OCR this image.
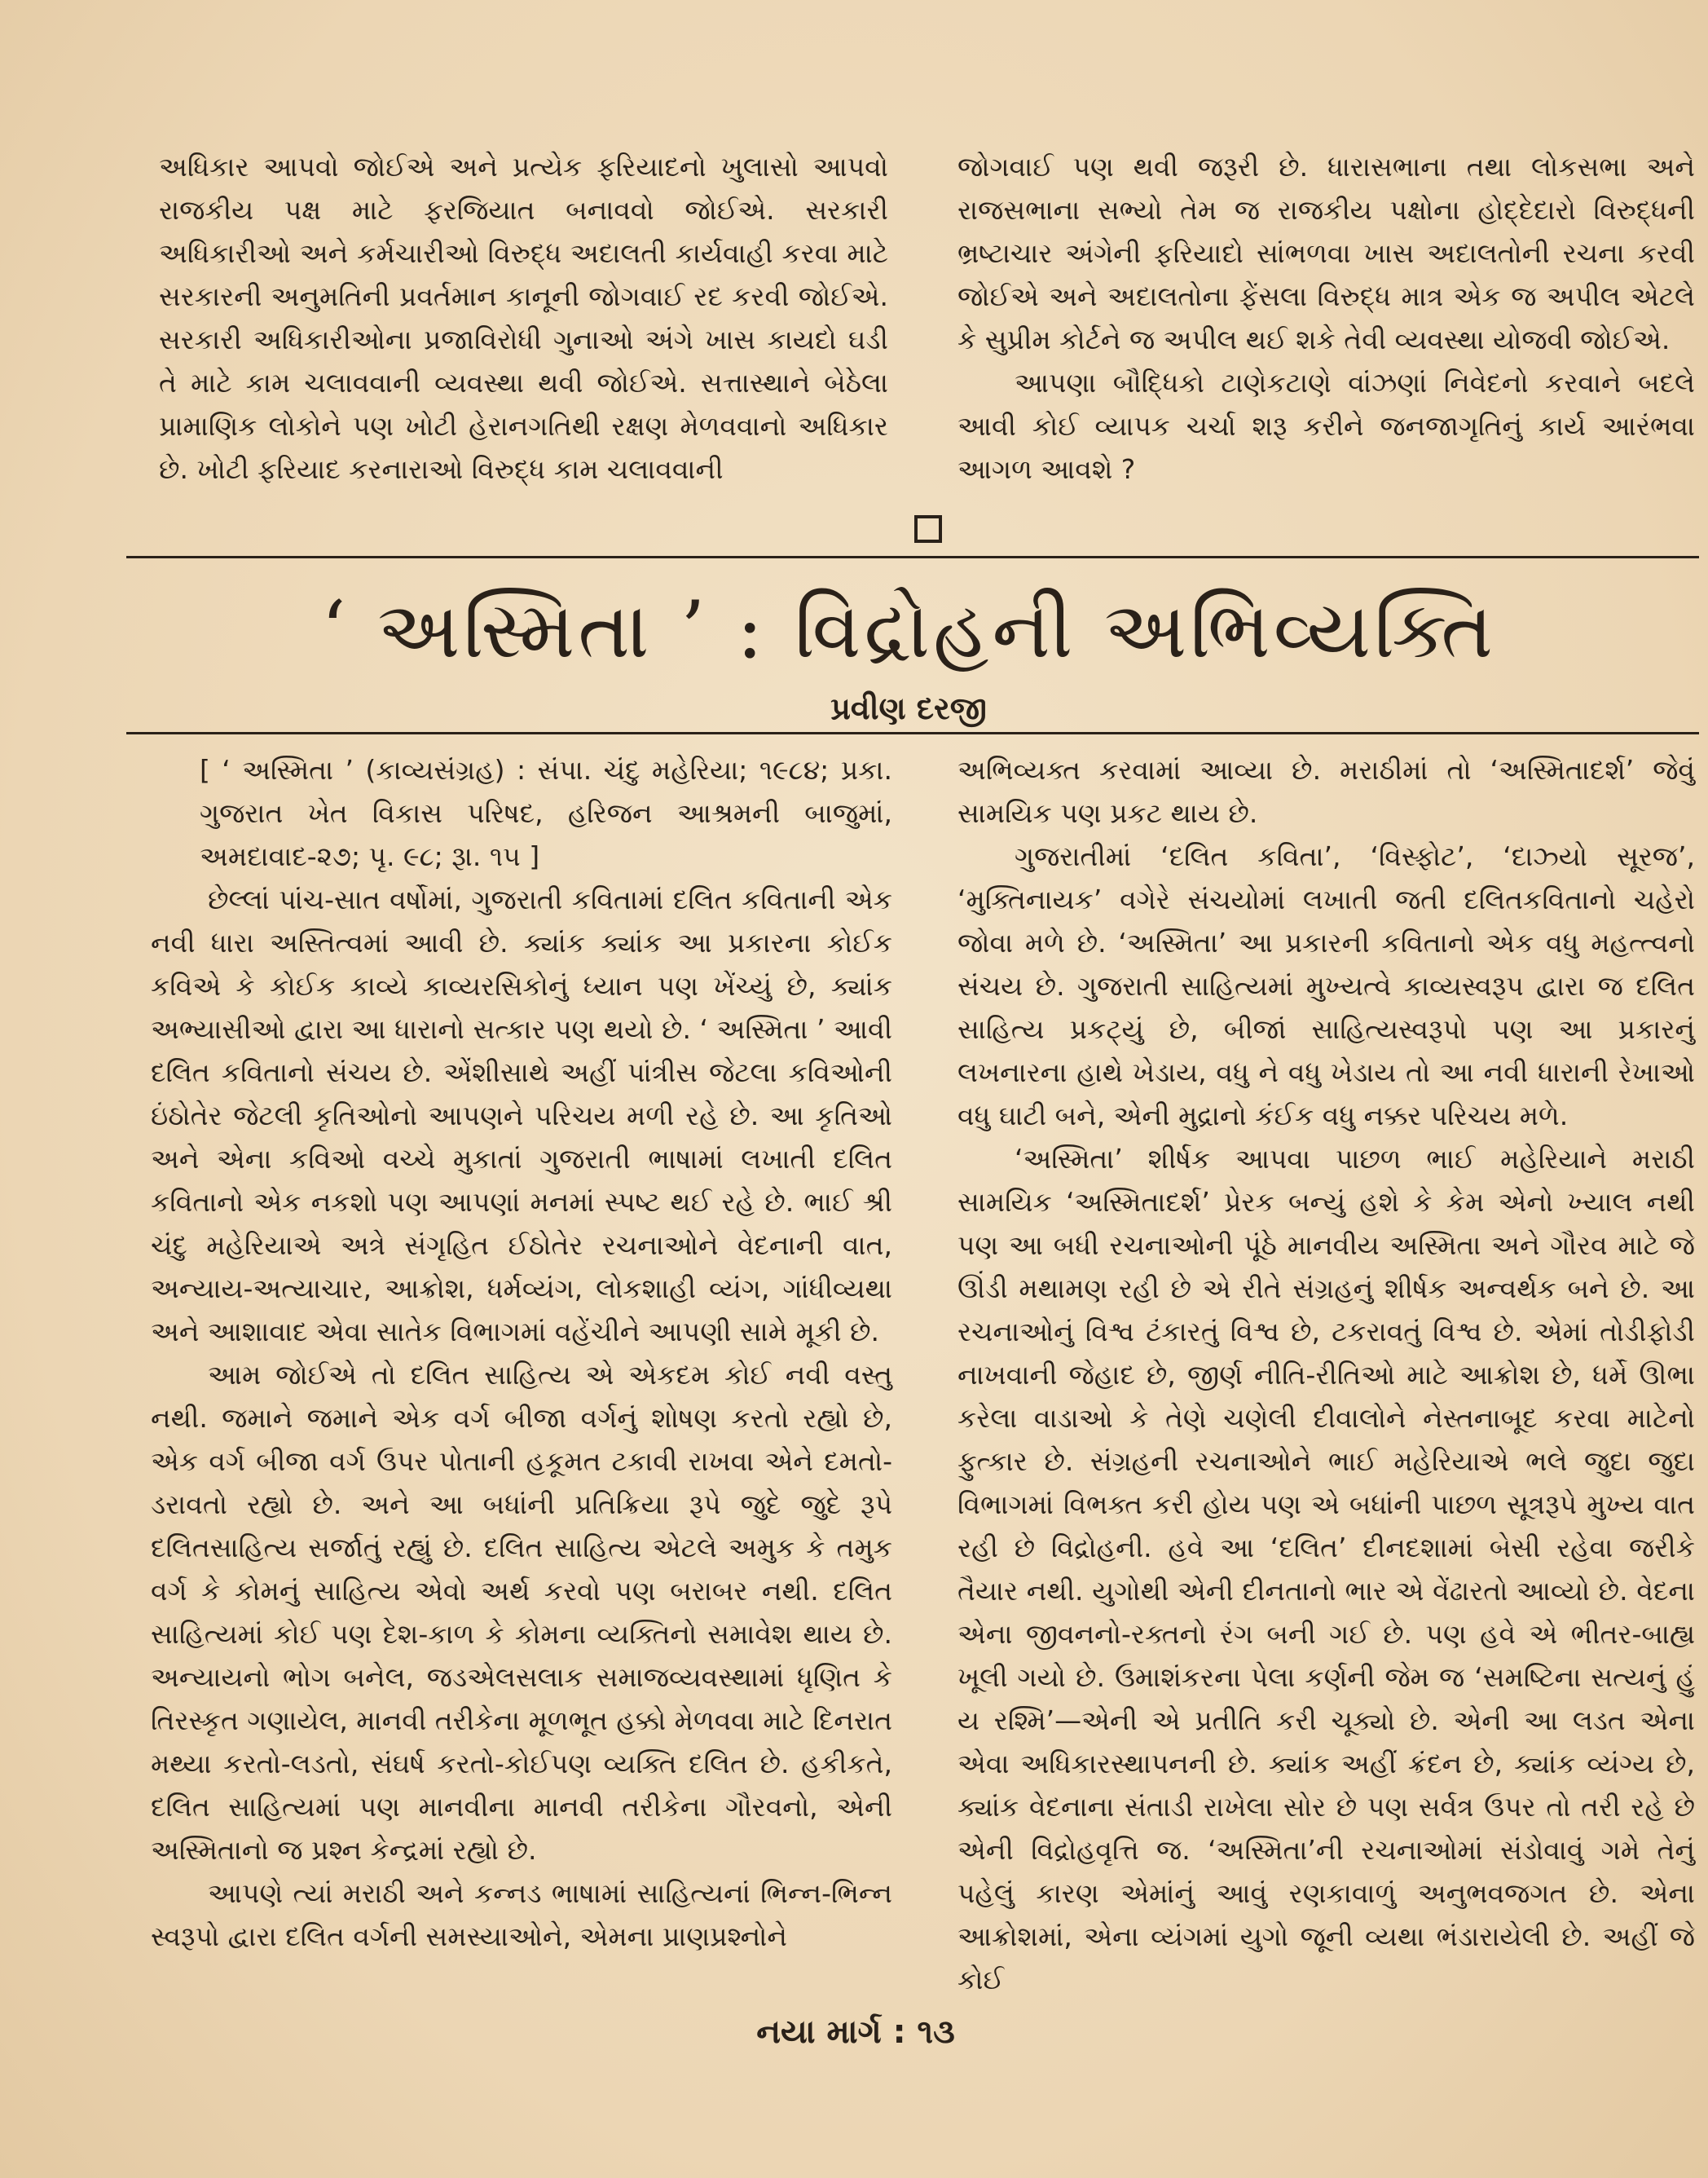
અધિકાર આપવો જોઈએ અને પ્રત્યેક ફરિયાદનો ખુલાસો આપવો રાજકીય પક્ષ માટે ફરજિયાત બનાવવો જોઈએ. સરકારી અધિકારીઓ અને કર્મચારીઓ વિરુદ્ધ અદાલતી કાર્યવાહી કરવા માટે સરકારની અનુમતિની પ્રવર્તમાન કાનૂની જોગવાઈ રદ કરવી જોઈએ. સરકારી અધિકારીઓના પ્રજાવિરોધી ગુનાઓ અંગે ખાસ કાયદો ઘડી તે માટે કામ ચલાવવાની વ્યવસ્થા થવી જોઈએ. સત્તાસ્થાને બેઠેલા પ્રામાણિક લોકોને પણ ખોટી હેરાનગતિથી રક્ષણ મેળવવાનો અધિકાર છે. ખોટી ફરિયાદ કરનારાઓ વિરુદ્ધ કામ ચલાવવાની

જોગવાઈ પણ થવી જરૂરી છે. ધારાસભાના તથા લોકસભા અને રાજસભાના સભ્યો તેમ જ રાજકીય પક્ષોના હોદ્દેદારો વિરુદ્ધની ભ્રષ્ટાચાર અંગેની ફરિયાદો સાંભળવા ખાસ અદાલતોની રચના કરવી જોઈએ અને અદાલતોના ફેંસલા વિરુદ્ધ માત્ર એક જ અપીલ એટલે કે સુપ્રીમ કોર્ટને જ અપીલ થઈ શકે તેવી વ્યવસ્થા યોજવી જોઈએ.

આપણા બૌદ્ધિકો ટાણેકટાણે વાંઝણાં નિવેદનો કરવાને બદલે આવી કોઈ વ્યાપક ચર્ચા શરૂ કરીને જનજાગૃતિનું કાર્ય આરંભવા આગળ આવશે ?

‘ અસ્મિતા ’ : વિદ્રોહની અભિવ્યક્તિ
પ્રવીણ દરજી

[ ‘ અસ્મિતા ’ (કાવ્યસંગ્રહ) : સંપા. ચંદુ મહેરિયા; ૧૯૮૪; પ્રકા. ગુજરાત ખેત વિકાસ પરિષદ, હરિજન આશ્રમની બાજુમાં, અમદાવાદ-૨૭; પૃ. ૯૮; રૂા. ૧૫ ]

છેલ્લાં પાંચ-સાત વર્ષોમાં, ગુજરાતી કવિતામાં દલિત કવિતાની એક નવી ધારા અસ્તિત્વમાં આવી છે. ક્યાંક ક્યાંક આ પ્રકારના કોઈક કવિએ કે કોઈક કાવ્યે કાવ્યરસિકોનું ધ્યાન પણ ખેંચ્યું છે, ક્યાંક અભ્યાસીઓ દ્વારા આ ધારાનો સત્કાર પણ થયો છે. ‘ અસ્મિતા ’ આવી દલિત કવિતાનો સંચય છે. એંશીસાથે અહીં પાંત્રીસ જેટલા કવિઓની ઇંઠોતેર જેટલી કૃતિઓનો આપણને પરિચય મળી રહે છે. આ કૃતિઓ અને એના કવિઓ વચ્ચે મુકાતાં ગુજરાતી ભાષામાં લખાતી દલિત કવિતાનો એક નકશો પણ આપણાં મનમાં સ્પષ્ટ થઈ રહે છે. ભાઈ શ્રી ચંદુ મહેરિયાએ અત્રે સંગૃહિત ઈઠોતેર રચનાઓને વેદનાની વાત, અન્યાય-અત્યાચાર, આક્રોશ, ધર્મવ્યંગ, લોકશાહી વ્યંગ, ગાંધીવ્યથા અને આશાવાદ એવા સાતેક વિભાગમાં વહેંચીને આપણી સામે મૂકી છે.

આમ જોઈએ તો દલિત સાહિત્ય એ એકદમ કોઈ નવી વસ્તુ નથી. જમાને જમાને એક વર્ગ બીજા વર્ગનું શોષણ કરતો રહ્યો છે, એક વર્ગ બીજા વર્ગ ઉપર પોતાની હકૂમત ટકાવી રાખવા એને દમતો-ડરાવતો રહ્યો છે. અને આ બધાંની પ્રતિક્રિયા રૂપે જુદે જુદે રૂપે દલિતસાહિત્ય સર્જાતું રહ્યું છે. દલિત સાહિત્ય એટલે અમુક કે તમુક વર્ગ કે કોમનું સાહિત્ય એવો અર્થ કરવો પણ બરાબર નથી. દલિત સાહિત્યમાં કોઈ પણ દેશ-કાળ કે કોમના વ્યક્તિનો સમાવેશ થાય છે. અન્યાયનો ભોગ બનેલ, જડએલસલાક સમાજવ્યવસ્થામાં ધૃણિત કે તિરસ્કૃત ગણાયેલ, માનવી તરીકેના મૂળભૂત હક્કો મેળવવા માટે દિનરાત મથ્યા કરતો-લડતો, સંઘર્ષ કરતો-કોઈપણ વ્યક્તિ દલિત છે. હકીકતે, દલિત સાહિત્યમાં પણ માનવીના માનવી તરીકેના ગૌરવનો, એની અસ્મિતાનો જ પ્રશ્ન કેન્દ્રમાં રહ્યો છે.

આપણે ત્યાં મરાઠી અને કન્નડ ભાષામાં સાહિત્યનાં ભિન્ન-ભિન્ન સ્વરૂપો દ્વારા દલિત વર્ગની સમસ્યાઓને, એમના પ્રાણપ્રશ્નોને

અભિવ્યક્ત કરવામાં આવ્યા છે. મરાઠીમાં તો ‘અસ્મિતાદર્શ’ જેવું સામયિક પણ પ્રકટ થાય છે.

ગુજરાતીમાં ‘દલિત કવિતા’, ‘વિસ્ફોટ’, ‘દાઝ્યો સૂરજ’, ‘મુક્તિનાયક’ વગેરે સંચયોમાં લખાતી જતી દલિતકવિતાનો ચહેરો જોવા મળે છે. ‘અસ્મિતા’ આ પ્રકારની કવિતાનો એક વધુ મહત્ત્વનો સંચય છે. ગુજરાતી સાહિત્યમાં મુખ્યત્વે કાવ્યસ્વરૂપ દ્વારા જ દલિત સાહિત્ય પ્રકટ્યું છે, બીજાં સાહિત્યસ્વરૂપો પણ આ પ્રકારનું લખનારના હાથે ખેડાય, વધુ ને વધુ ખેડાય તો આ નવી ધારાની રેખાઓ વધુ ઘાટી બને, એની મુદ્રાનો કંઈક વધુ નક્કર પરિચય મળે.

‘અસ્મિતા’ શીર્ષક આપવા પાછળ ભાઈ મહેરિયાને મરાઠી સામયિક ‘અસ્મિતાદર્શ’ પ્રેરક બન્યું હશે કે કેમ એનો ખ્યાલ નથી પણ આ બધી રચનાઓની પૂંઠે માનવીય અસ્મિતા અને ગૌરવ માટે જે ઊંડી મથામણ રહી છે એ રીતે સંગ્રહનું શીર્ષક અન્વર્થક બને છે. આ રચનાઓનું વિશ્વ ટંકારતું વિશ્વ છે, ટકરાવતું વિશ્વ છે. એમાં તોડીફોડી નાખવાની જેહાદ છે, જીર્ણ નીતિ-રીતિઓ માટે આક્રોશ છે, ધર્મે ઊભા કરેલા વાડાઓ કે તેણે ચણેલી દીવાલોને નેસ્તનાબૂદ કરવા માટેનો ફુત્કાર છે. સંગ્રહની રચનાઓને ભાઈ મહેરિયાએ ભલે જુદા જુદા વિભાગમાં વિભક્ત કરી હોય પણ એ બધાંની પાછળ સૂત્રરૂપે મુખ્ય વાત રહી છે વિદ્રોહની. હવે આ ‘દલિત’ દીનદશામાં બેસી રહેવા જરીકે તૈયાર નથી. યુગોથી એની દીનતાનો ભાર એ વેંઢારતો આવ્યો છે. વેદના એના જીવનનો-રક્તનો રંગ બની ગઈ છે. પણ હવે એ ભીતર-બાહ્ય ખૂલી ગયો છે. ઉમાશંકરના પેલા કર્ણની જેમ જ ‘સમષ્ટિના સત્યનું હું ય રશ્મિ’—એની એ પ્રતીતિ કરી ચૂક્યો છે. એની આ લડત એના એવા અધિકારસ્થાપનની છે. ક્યાંક અહીં ક્રંદન છે, ક્યાંક વ્યંગ્ય છે, ક્યાંક વેદનાના સંતાડી રાખેલા સોર છે પણ સર્વત્ર ઉપર તો તરી રહે છે એની વિદ્રોહવૃત્તિ જ. ‘અસ્મિતા’ની રચનાઓમાં સંડોવાવું ગમે તેનું પહેલું કારણ એમાંનું આવું રણકાવાળું અનુભવજગત છે. એના આક્રોશમાં, એના વ્યંગમાં યુગો જૂની વ્યથા ભંડારાયેલી છે. અહીં જે કોઈ

નયા માર્ગ : ૧૩
